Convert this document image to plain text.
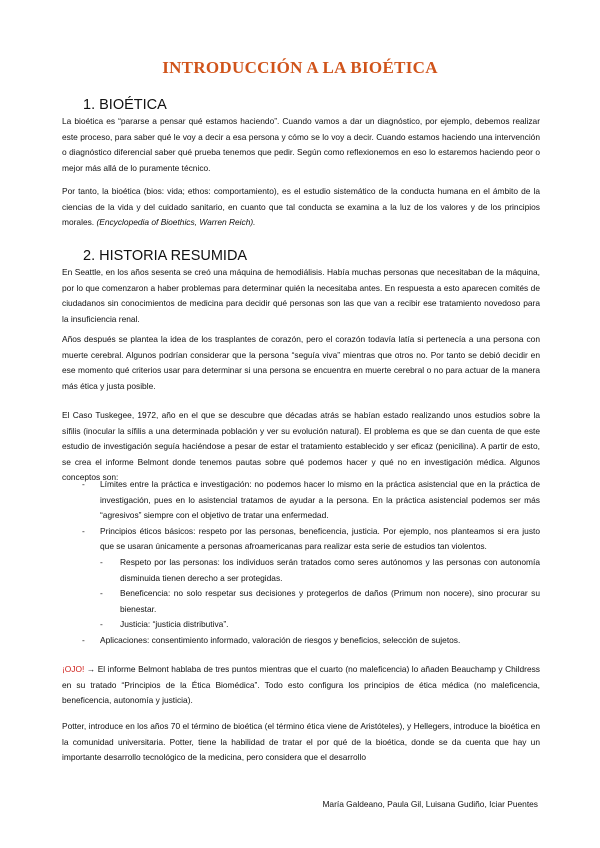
INTRODUCCIÓN A LA BIOÉTICA
1. BIOÉTICA
La bioética es “pararse a pensar qué estamos haciendo”. Cuando vamos a dar un diagnóstico, por ejemplo, debemos realizar este proceso, para saber qué le voy a decir a esa persona y cómo se lo voy a decir. Cuando estamos haciendo una intervención o diagnóstico diferencial saber qué prueba tenemos que pedir. Según como reflexionemos en eso lo estaremos haciendo peor o mejor más allá de lo puramente técnico.
Por tanto, la bioética (bios: vida; ethos: comportamiento), es el estudio sistemático de la conducta humana en el ámbito de la ciencias de la vida y del cuidado sanitario, en cuanto que tal conducta se examina a la luz de los valores y de los principios morales. (Encyclopedia of Bioethics, Warren Reich).
2. HISTORIA RESUMIDA
En Seattle, en los años sesenta se creó una máquina de hemodiálisis. Había muchas personas que necesitaban de la máquina, por lo que comenzaron a haber problemas para determinar quién la necesitaba antes. En respuesta a esto aparecen comités de ciudadanos sin conocimientos de medicina para decidir qué personas son las que van a recibir ese tratamiento novedoso para la insuficiencia renal.
Años después se plantea la idea de los trasplantes de corazón, pero el corazón todavía latía si pertenecía a una persona con muerte cerebral. Algunos podrían considerar que la persona “seguía viva” mientras que otros no. Por tanto se debió decidir en ese momento qué criterios usar para determinar si una persona se encuentra en muerte cerebral o no para actuar de la manera más ética y justa posible.
El Caso Tuskegee, 1972, año en el que se descubre que décadas atrás se habían estado realizando unos estudios sobre la sífilis (inocular la sífilis a una determinada población y ver su evolución natural). El problema es que se dan cuenta de que este estudio de investigación seguía haciéndose a pesar de estar el tratamiento establecido y ser eficaz (penicilina). A partir de esto, se crea el informe Belmont donde tenemos pautas sobre qué podemos hacer y qué no en investigación médica. Algunos conceptos son:
- Límites entre la práctica e investigación: no podemos hacer lo mismo en la práctica asistencial que en la práctica de investigación, pues en lo asistencial tratamos de ayudar a la persona. En la práctica asistencial podemos ser más “agresivos” siempre con el objetivo de tratar una enfermedad.
- Principios éticos básicos: respeto por las personas, beneficencia, justicia. Por ejemplo, nos planteamos si era justo que se usaran únicamente a personas afroamericanas para realizar esta serie de estudios tan violentos.
- Respeto por las personas: los individuos serán tratados como seres autónomos y las personas con autonomía disminuida tienen derecho a ser protegidas.
- Beneficencia: no solo respetar sus decisiones y protegerlos de daños (Primum non nocere), sino procurar su bienestar.
- Justicia: “justicia distributiva”.
- Aplicaciones: consentimiento informado, valoración de riesgos y beneficios, selección de sujetos.
¡OJO! → El informe Belmont hablaba de tres puntos mientras que el cuarto (no maleficencia) lo añaden Beauchamp y Childress en su tratado “Principios de la Ética Biomédica”. Todo esto configura los principios de ética médica (no maleficencia, beneficencia, autonomía y justicia).
Potter, introduce en los años 70 el término de bioética (el término ética viene de Aristóteles), y Hellegers, introduce la bioética en la comunidad universitaria. Potter, tiene la habilidad de tratar el por qué de la bioética, donde se da cuenta que hay un importante desarrollo tecnológico de la medicina, pero considera que el desarrollo
María Galdeano, Paula Gil, Luisana Gudiño, Iciar Puentes
